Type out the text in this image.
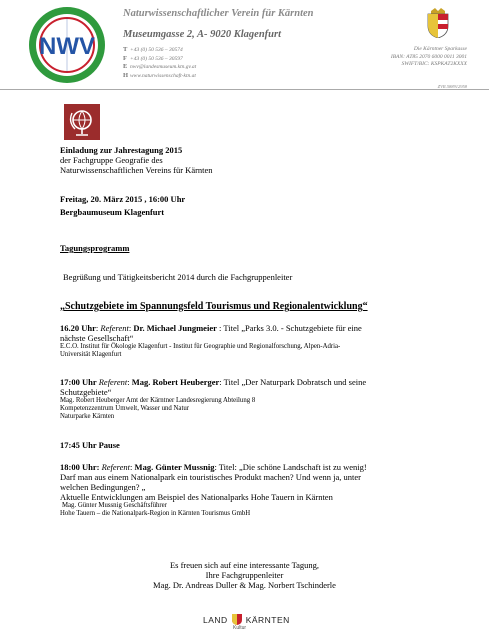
NWV
Naturwissenschaftlicher Verein für Kärnten
Museumgasse 2, A- 9020 Klagenfurt
T +43 (0) 50 536 – 30574
F +43 (0) 50 536 – 30597
E nwv@landesmuseum.ktn.gv.at
H www.naturwissenschaft-ktn.at
Die Kärntner Sparkasse
IBAN: AT85 2070 6000 0011 3001
SWIFT/BIC: KSPKAT2KXXX
ZVR.588912958
Einladung zur Jahrestagung 2015
der Fachgruppe Geografie des
Naturwissenschaftlichen Vereins für Kärnten
Freitag, 20. März 2015 , 16:00 Uhr
Bergbaumuseum Klagenfurt
Tagungsprogramm
Begrüßung und Tätigkeitsbericht 2014 durch die Fachgruppenleiter
„Schutzgebiete im Spannungsfeld Tourismus und Regionalentwicklung“
16.20 Uhr: Referent: Dr. Michael Jungmeier : Titel „Parks 3.0. - Schutzgebiete für eine
nächste Gesellschaft“
E.C.O. Institut für Ökologie Klagenfurt - Institut für Geographie und Regionalforschung, Alpen-Adria-
Universität Klagenfurt
17:00 Uhr Referent: Mag. Robert Heuberger: Titel „Der Naturpark Dobratsch und seine
Schutzgebiete“
Mag. Robert Heuberger Amt der Kärntner Landesregierung Abteilung 8
Kompetenzzentrum Umwelt, Wasser und Natur
Naturparke Kärnten
17:45 Uhr Pause
18:00 Uhr: Referent: Mag. Günter Mussnig: Titel: „Die schöne Landschaft ist zu wenig!
Darf man aus einem Nationalpark ein touristisches Produkt machen? Und wenn ja, unter
welchen Bedingungen? „
Aktuelle Entwicklungen am Beispiel des Nationalparks Hohe Tauern in Kärnten
Mag. Günter Mussnig Geschäftsführer
Hohe Tauern – die Nationalpark-Region in Kärnten Tourismus GmbH
Es freuen sich auf eine interessante Tagung,
Ihre Fachgruppenleiter
Mag. Dr. Andreas Duller & Mag. Norbert Tschinderle
LAND KÄRNTEN
Kultur
